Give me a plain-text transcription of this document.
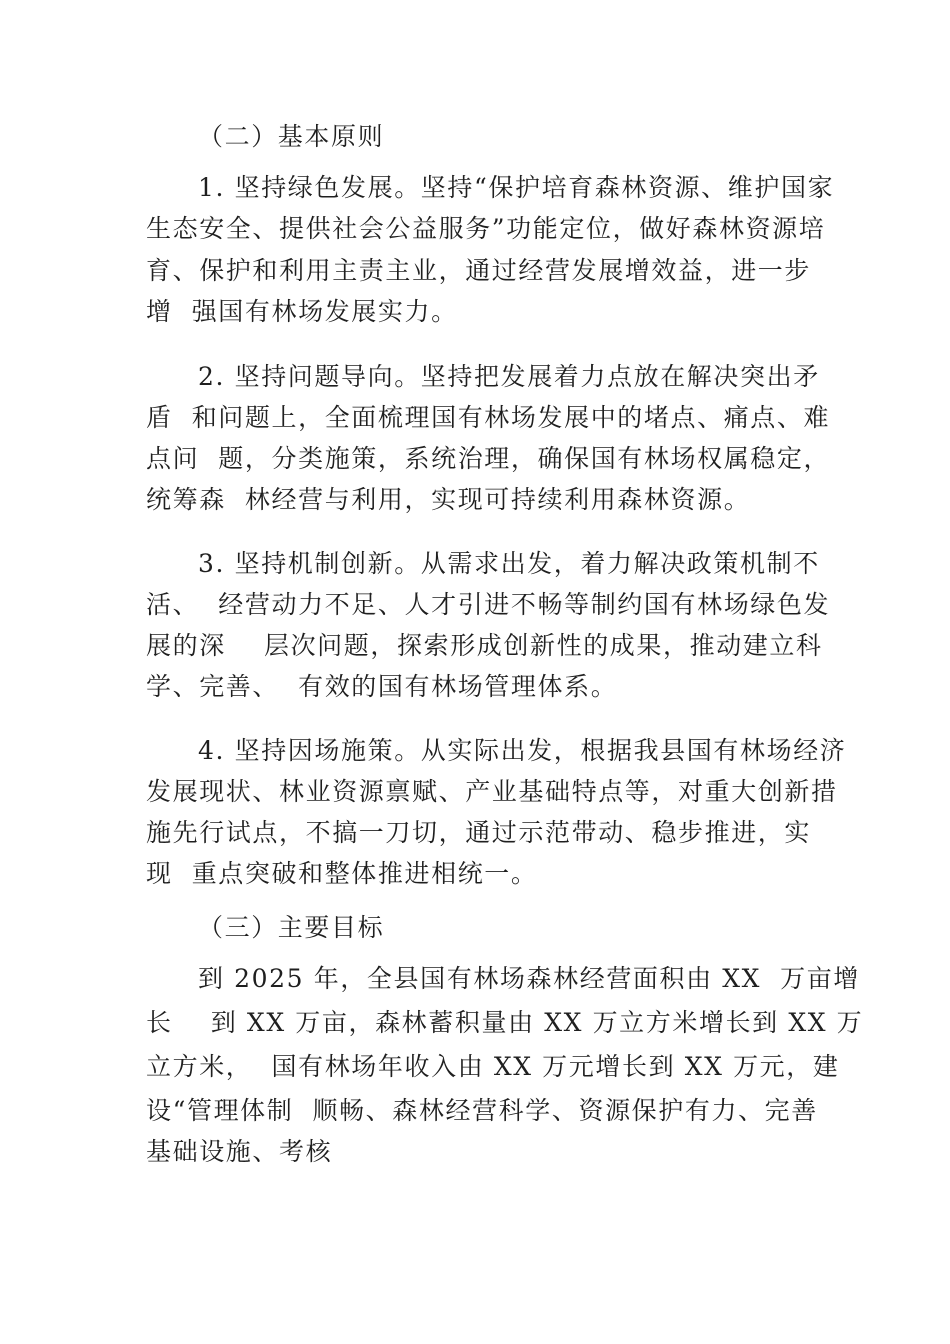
（二）基本原则
1. 坚持绿色发展。坚持“保护培育森林资源、维护国家
生态安全、提供社会公益服务”功能定位，做好森林资源培
育、保护和利用主责主业，通过经营发展增效益，进一步
增  强国有林场发展实力。
2. 坚持问题导向。坚持把发展着力点放在解决突出矛
盾  和问题上，全面梳理国有林场发展中的堵点、痛点、难
点问  题，分类施策，系统治理，确保国有林场权属稳定，
统筹森  林经营与利用，实现可持续利用森林资源。
3. 坚持机制创新。从需求出发，着力解决政策机制不
活、  经营动力不足、人才引进不畅等制约国有林场绿色发
展的深    层次问题，探索形成创新性的成果，推动建立科
学、完善、  有效的国有林场管理体系。
4. 坚持因场施策。从实际出发，根据我县国有林场经济
发展现状、林业资源禀赋、产业基础特点等，对重大创新措
施先行试点，不搞一刀切，通过示范带动、稳步推进，实
现  重点突破和整体推进相统一。
（三）主要目标
到 2025 年，全县国有林场森林经营面积由 XX  万亩增
长    到 XX 万亩，森林蓄积量由 XX 万立方米增长到 XX 万
立方米，  国有林场年收入由 XX 万元增长到 XX 万元，建
设“管理体制  顺畅、森林经营科学、资源保护有力、完善
基础设施、考核
